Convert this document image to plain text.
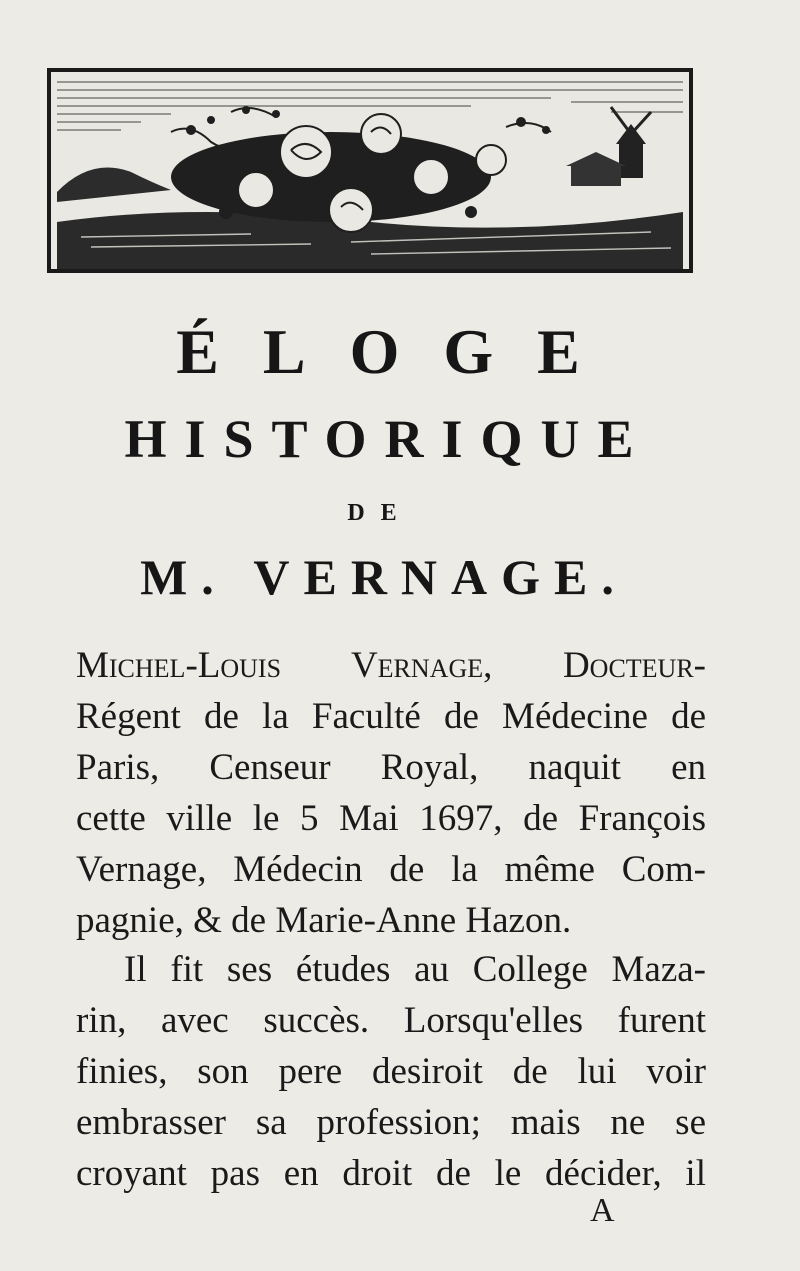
Bevgnet
ÉLOGE
HISTORIQUE
DE
M. VERNAGE.
Michel-Louis Vernage, Docteur-
Régent de la Faculté de Médecine de
Paris, Censeur Royal, naquit en
cette ville le 5 Mai 1697, de François
Vernage, Médecin de la même Com-
pagnie, & de Marie-Anne Hazon.
Il fit ses études au College Maza-
rin, avec succès. Lorsqu'elles furent
finies, son pere desiroit de lui voir
embrasser sa profession; mais ne se
croyant pas en droit de le décider, il
A
